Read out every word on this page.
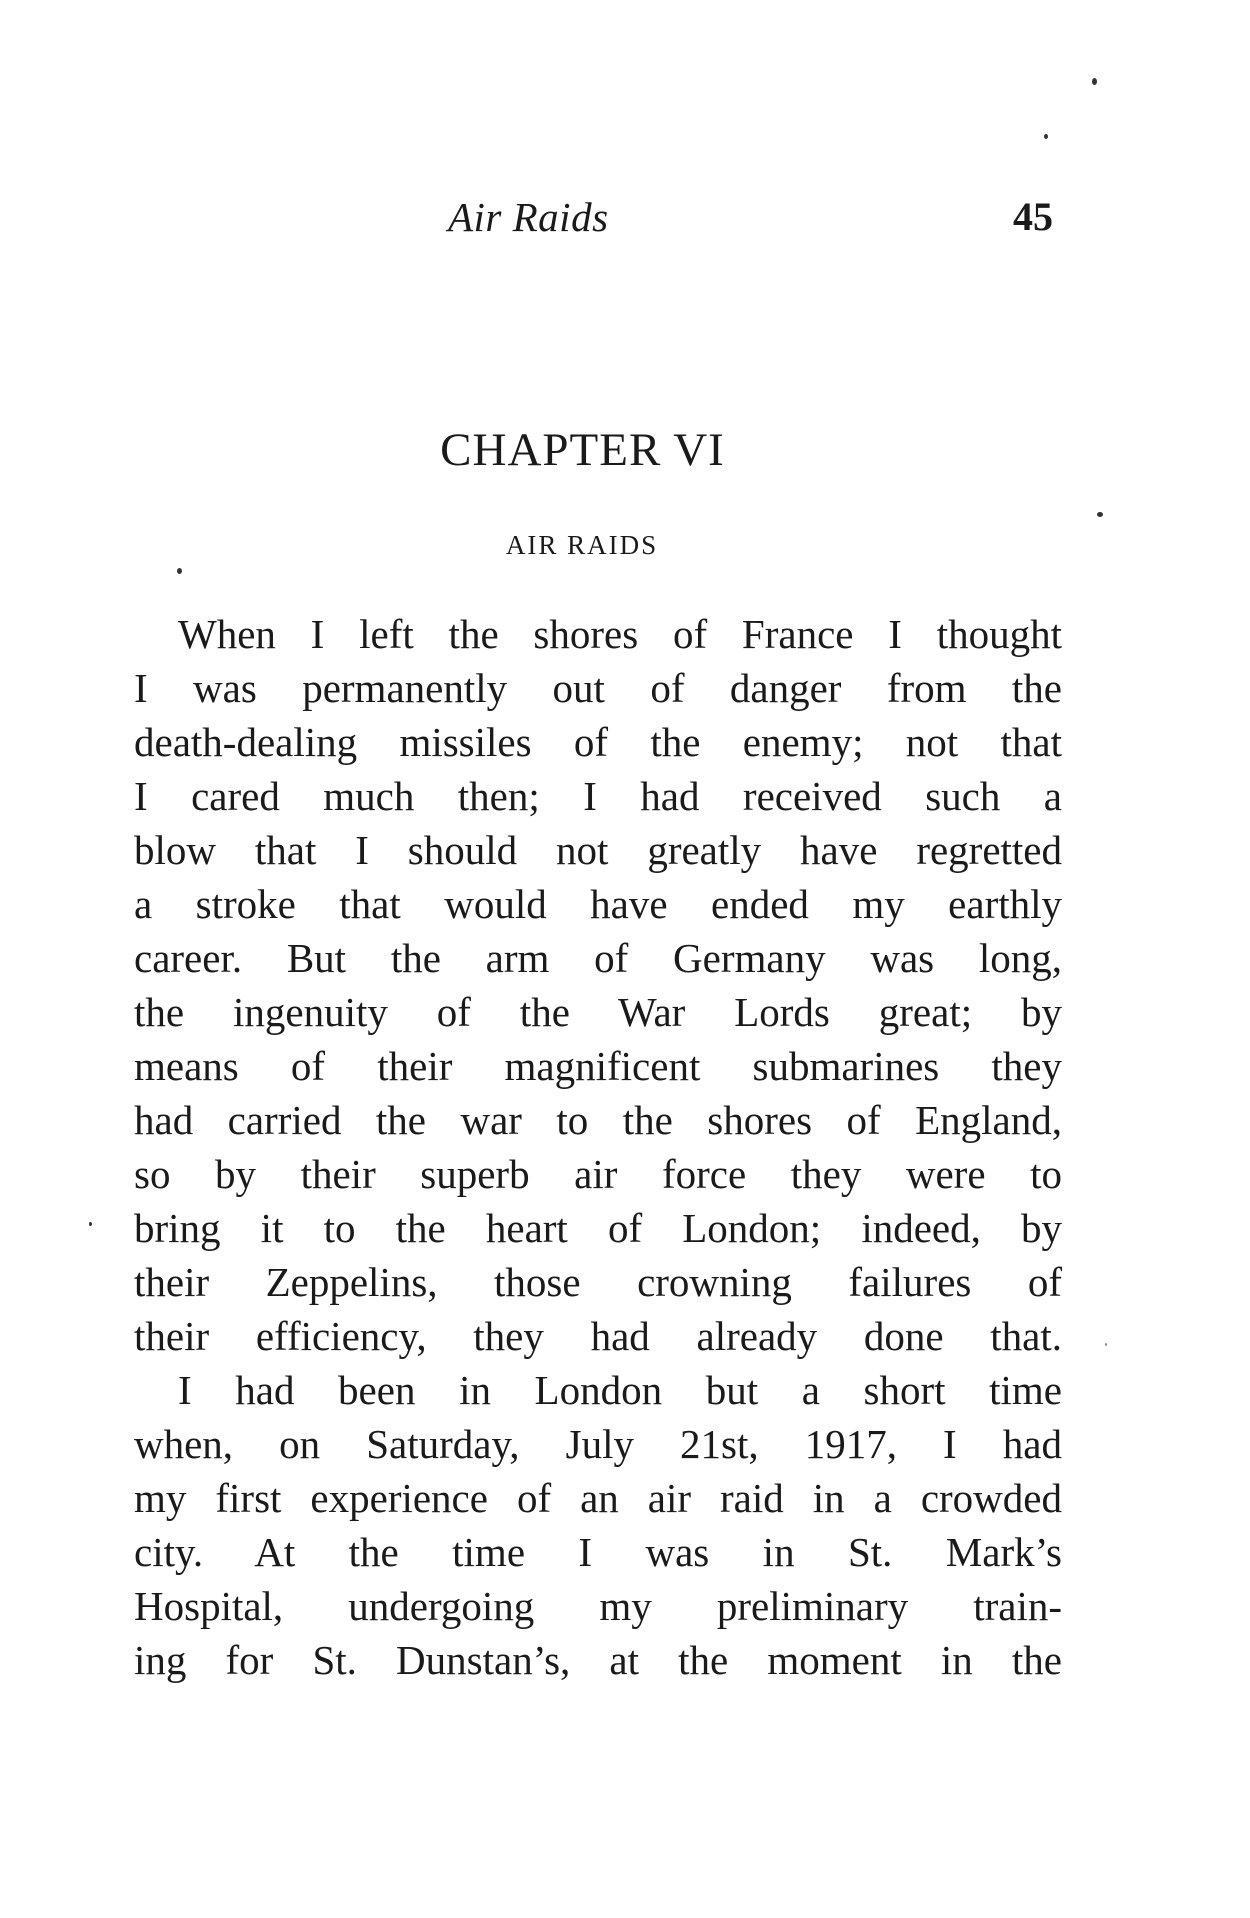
Air Raids	45
CHAPTER VI
AIR RAIDS
When I left the shores of France I thought
I was permanently out of danger from the
death-dealing missiles of the enemy; not that
I cared much then; I had received such a
blow that I should not greatly have regretted
a stroke that would have ended my earthly
career. But the arm of Germany was long,
the ingenuity of the War Lords great; by
means of their magnificent submarines they
had carried the war to the shores of England,
so by their superb air force they were to
bring it to the heart of London; indeed, by
their Zeppelins, those crowning failures of
their efficiency, they had already done that.
I had been in London but a short time
when, on Saturday, July 21st, 1917, I had
my first experience of an air raid in a crowded
city. At the time I was in St. Mark’s
Hospital, undergoing my preliminary train-
ing for St. Dunstan’s, at the moment in the
